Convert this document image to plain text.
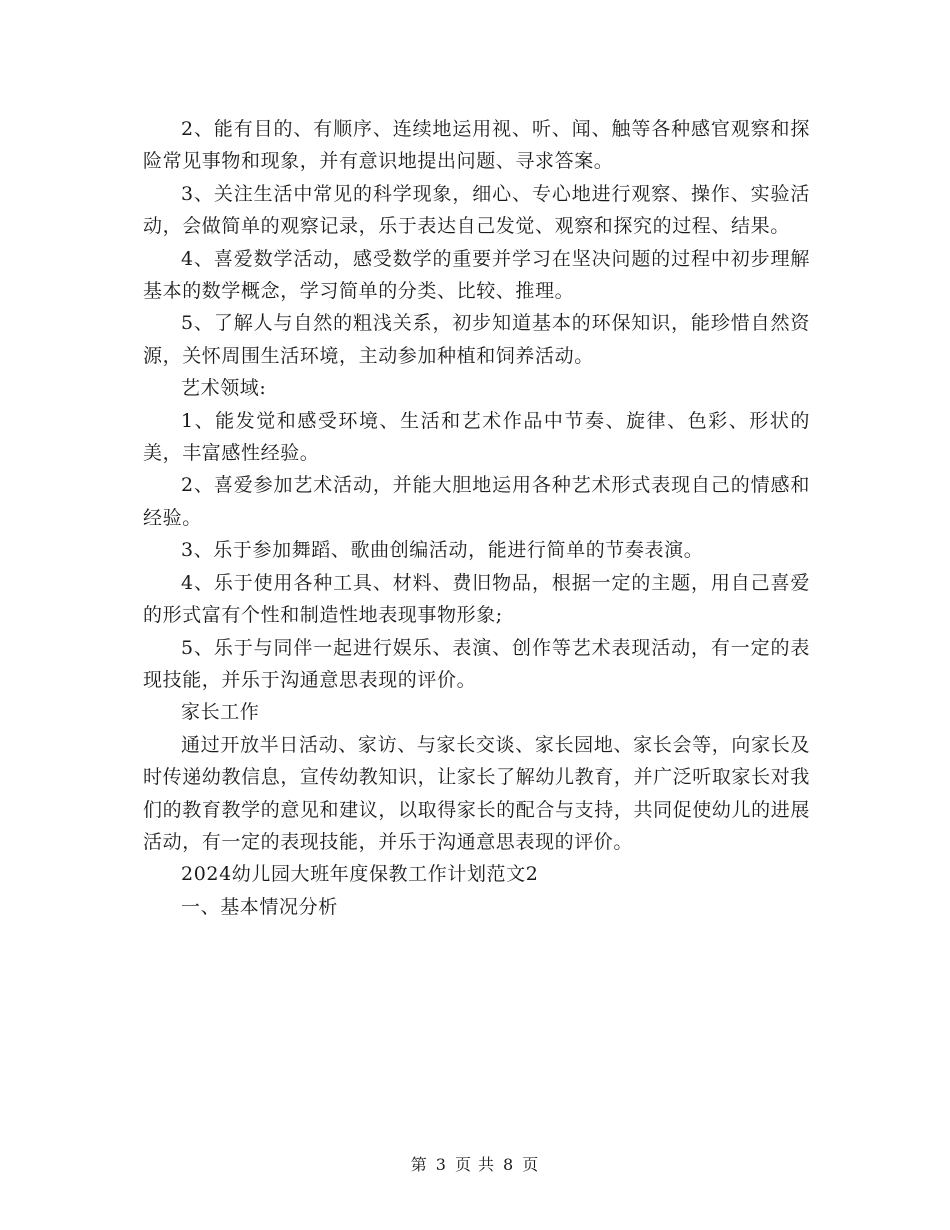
2、能有目的、有顺序、连续地运用视、听、闻、触等各种感官观察和探险常见事物和现象，并有意识地提出问题、寻求答案。

3、关注生活中常见的科学现象，细心、专心地进行观察、操作、实验活动，会做简单的观察记录，乐于表达自己发觉、观察和探究的过程、结果。

4、喜爱数学活动，感受数学的重要并学习在坚决问题的过程中初步理解基本的数学概念，学习简单的分类、比较、推理。

5、了解人与自然的粗浅关系，初步知道基本的环保知识，能珍惜自然资源，关怀周围生活环境，主动参加种植和饲养活动。

艺术领域:

1、能发觉和感受环境、生活和艺术作品中节奏、旋律、色彩、形状的美，丰富感性经验。

2、喜爱参加艺术活动，并能大胆地运用各种艺术形式表现自己的情感和经验。

3、乐于参加舞蹈、歌曲创编活动，能进行简单的节奏表演。

4、乐于使用各种工具、材料、费旧物品，根据一定的主题，用自己喜爱的形式富有个性和制造性地表现事物形象;

5、乐于与同伴一起进行娱乐、表演、创作等艺术表现活动，有一定的表现技能，并乐于沟通意思表现的评价。

家长工作

通过开放半日活动、家访、与家长交谈、家长园地、家长会等，向家长及时传递幼教信息，宣传幼教知识，让家长了解幼儿教育，并广泛听取家长对我们的教育教学的意见和建议，以取得家长的配合与支持，共同促使幼儿的进展活动，有一定的表现技能，并乐于沟通意思表现的评价。

2024幼儿园大班年度保教工作计划范文2

一、基本情况分析

第 3 页 共 8 页
